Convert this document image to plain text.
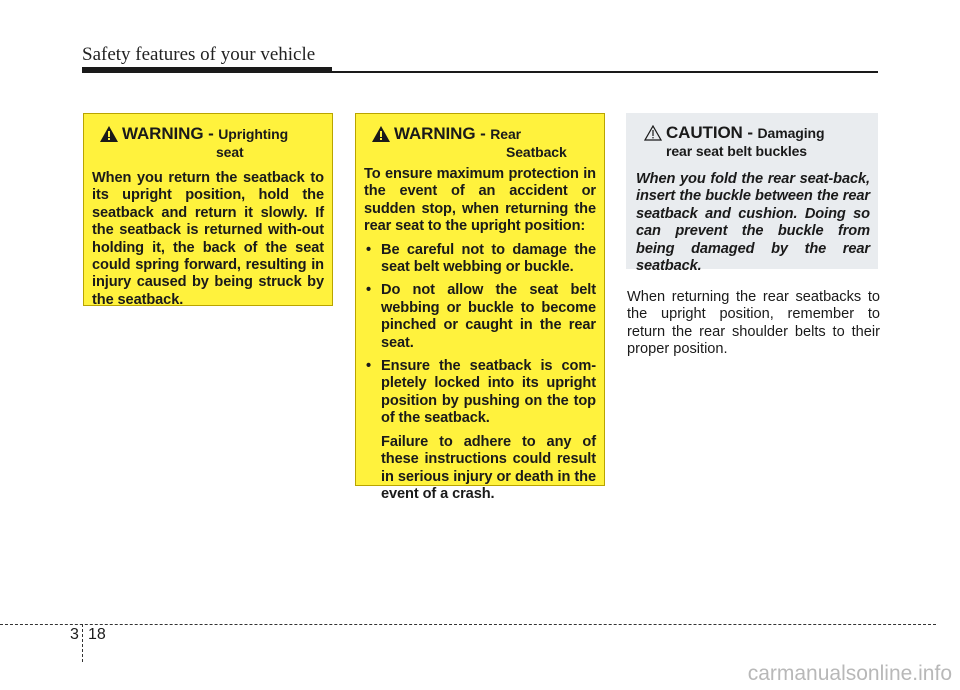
Safety features of your vehicle
WARNING - Uprighting
seat

When you return the seatback to its upright position, hold the seatback and return it slowly. If the seatback is returned with-out holding it, the back of the seat could spring forward, resulting in injury caused by being struck by the seatback.

WARNING - Rear
Seatback

To ensure maximum protection in the event of an accident or sudden stop, when returning the rear seat to the upright position:

• Be careful not to damage the seat belt webbing or buckle.
• Do not allow the seat belt webbing or buckle to become pinched or caught in the rear seat.
• Ensure the seatback is com-pletely locked into its upright position by pushing on the top of the seatback.

Failure to adhere to any of these instructions could result in serious injury or death in the event of a crash.

CAUTION - Damaging
rear seat belt buckles

When you fold the rear seat-back, insert the buckle between the rear seatback and cushion. Doing so can prevent the buckle from being damaged by the rear seatback.

When returning the rear seatbacks to the upright position, remember to return the rear shoulder belts to their proper position.
3 18
carmanualsonline.info
